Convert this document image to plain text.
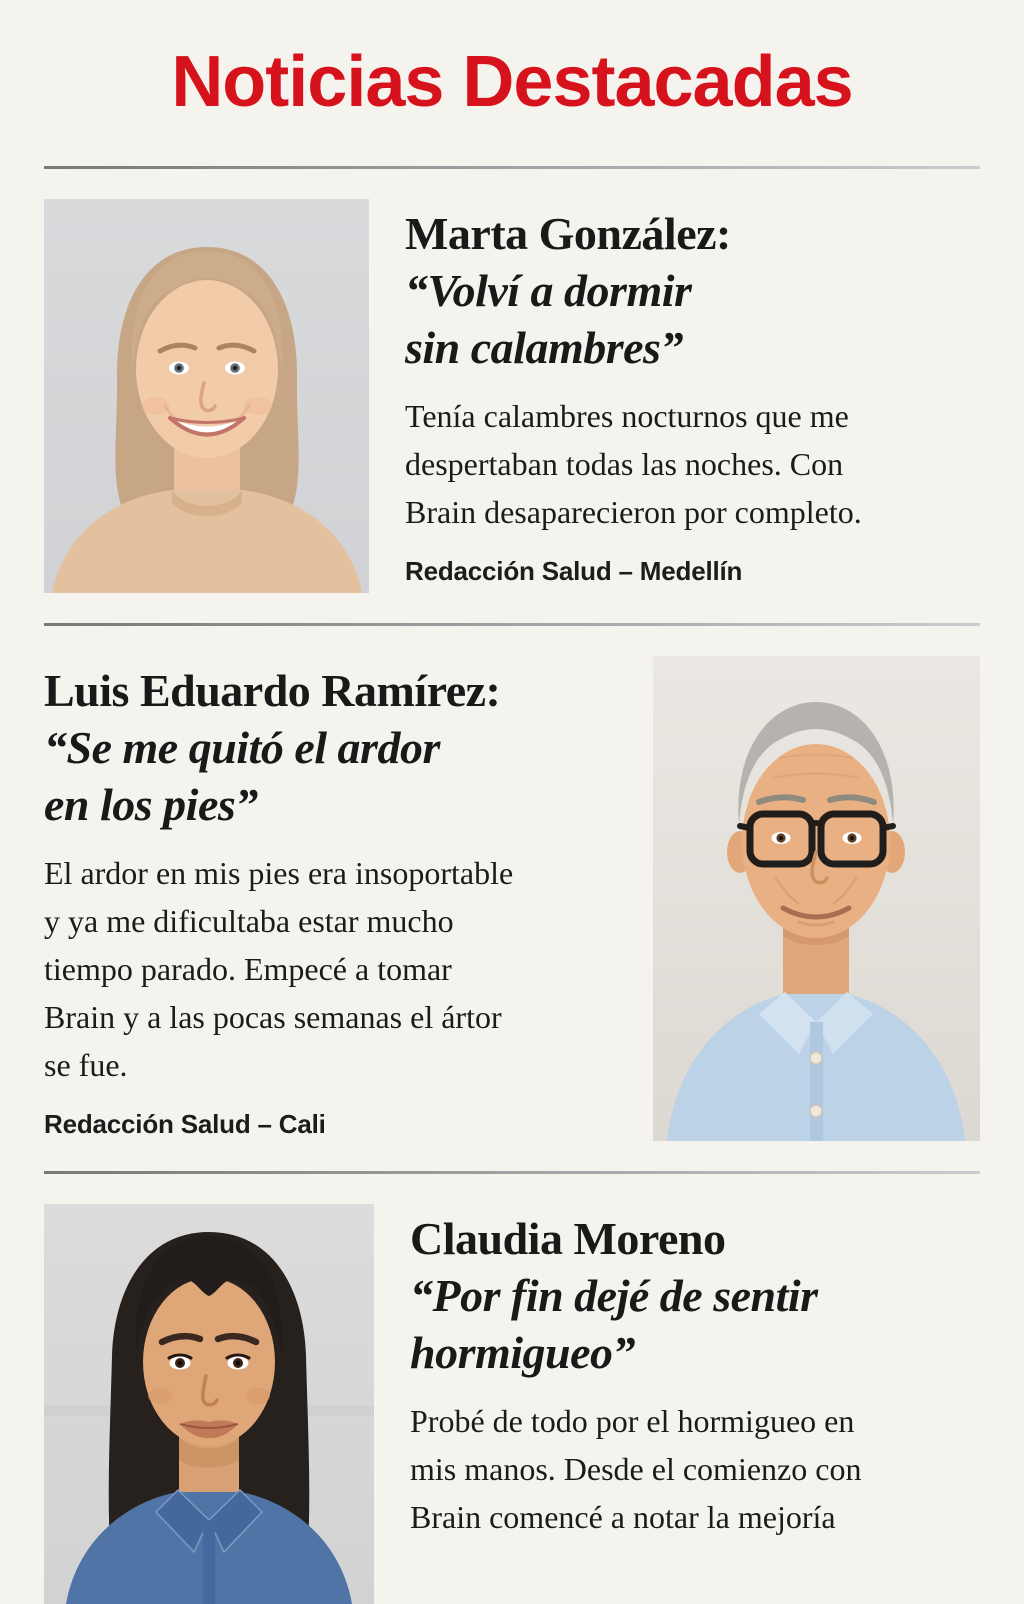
Noticias Destacadas
Marta González:
“Volví a dormir
sin calambres”

Tenía calambres nocturnos que me
despertaban todas las noches. Con
Brain desaparecieron por completo.

Redacción Salud – Medellín
Luis Eduardo Ramírez:
“Se me quitó el ardor
en los pies”

El ardor en mis pies era insoportable
y ya me dificultaba estar mucho
tiempo parado. Empecé a tomar
Brain y a las pocas semanas el ártor
se fue.

Redacción Salud – Cali
Claudia Moreno
“Por fin dejé de sentir
hormigueo”

Probé de todo por el hormigueo en
mis manos. Desde el comienzo con
Brain comencé a notar la mejoría
